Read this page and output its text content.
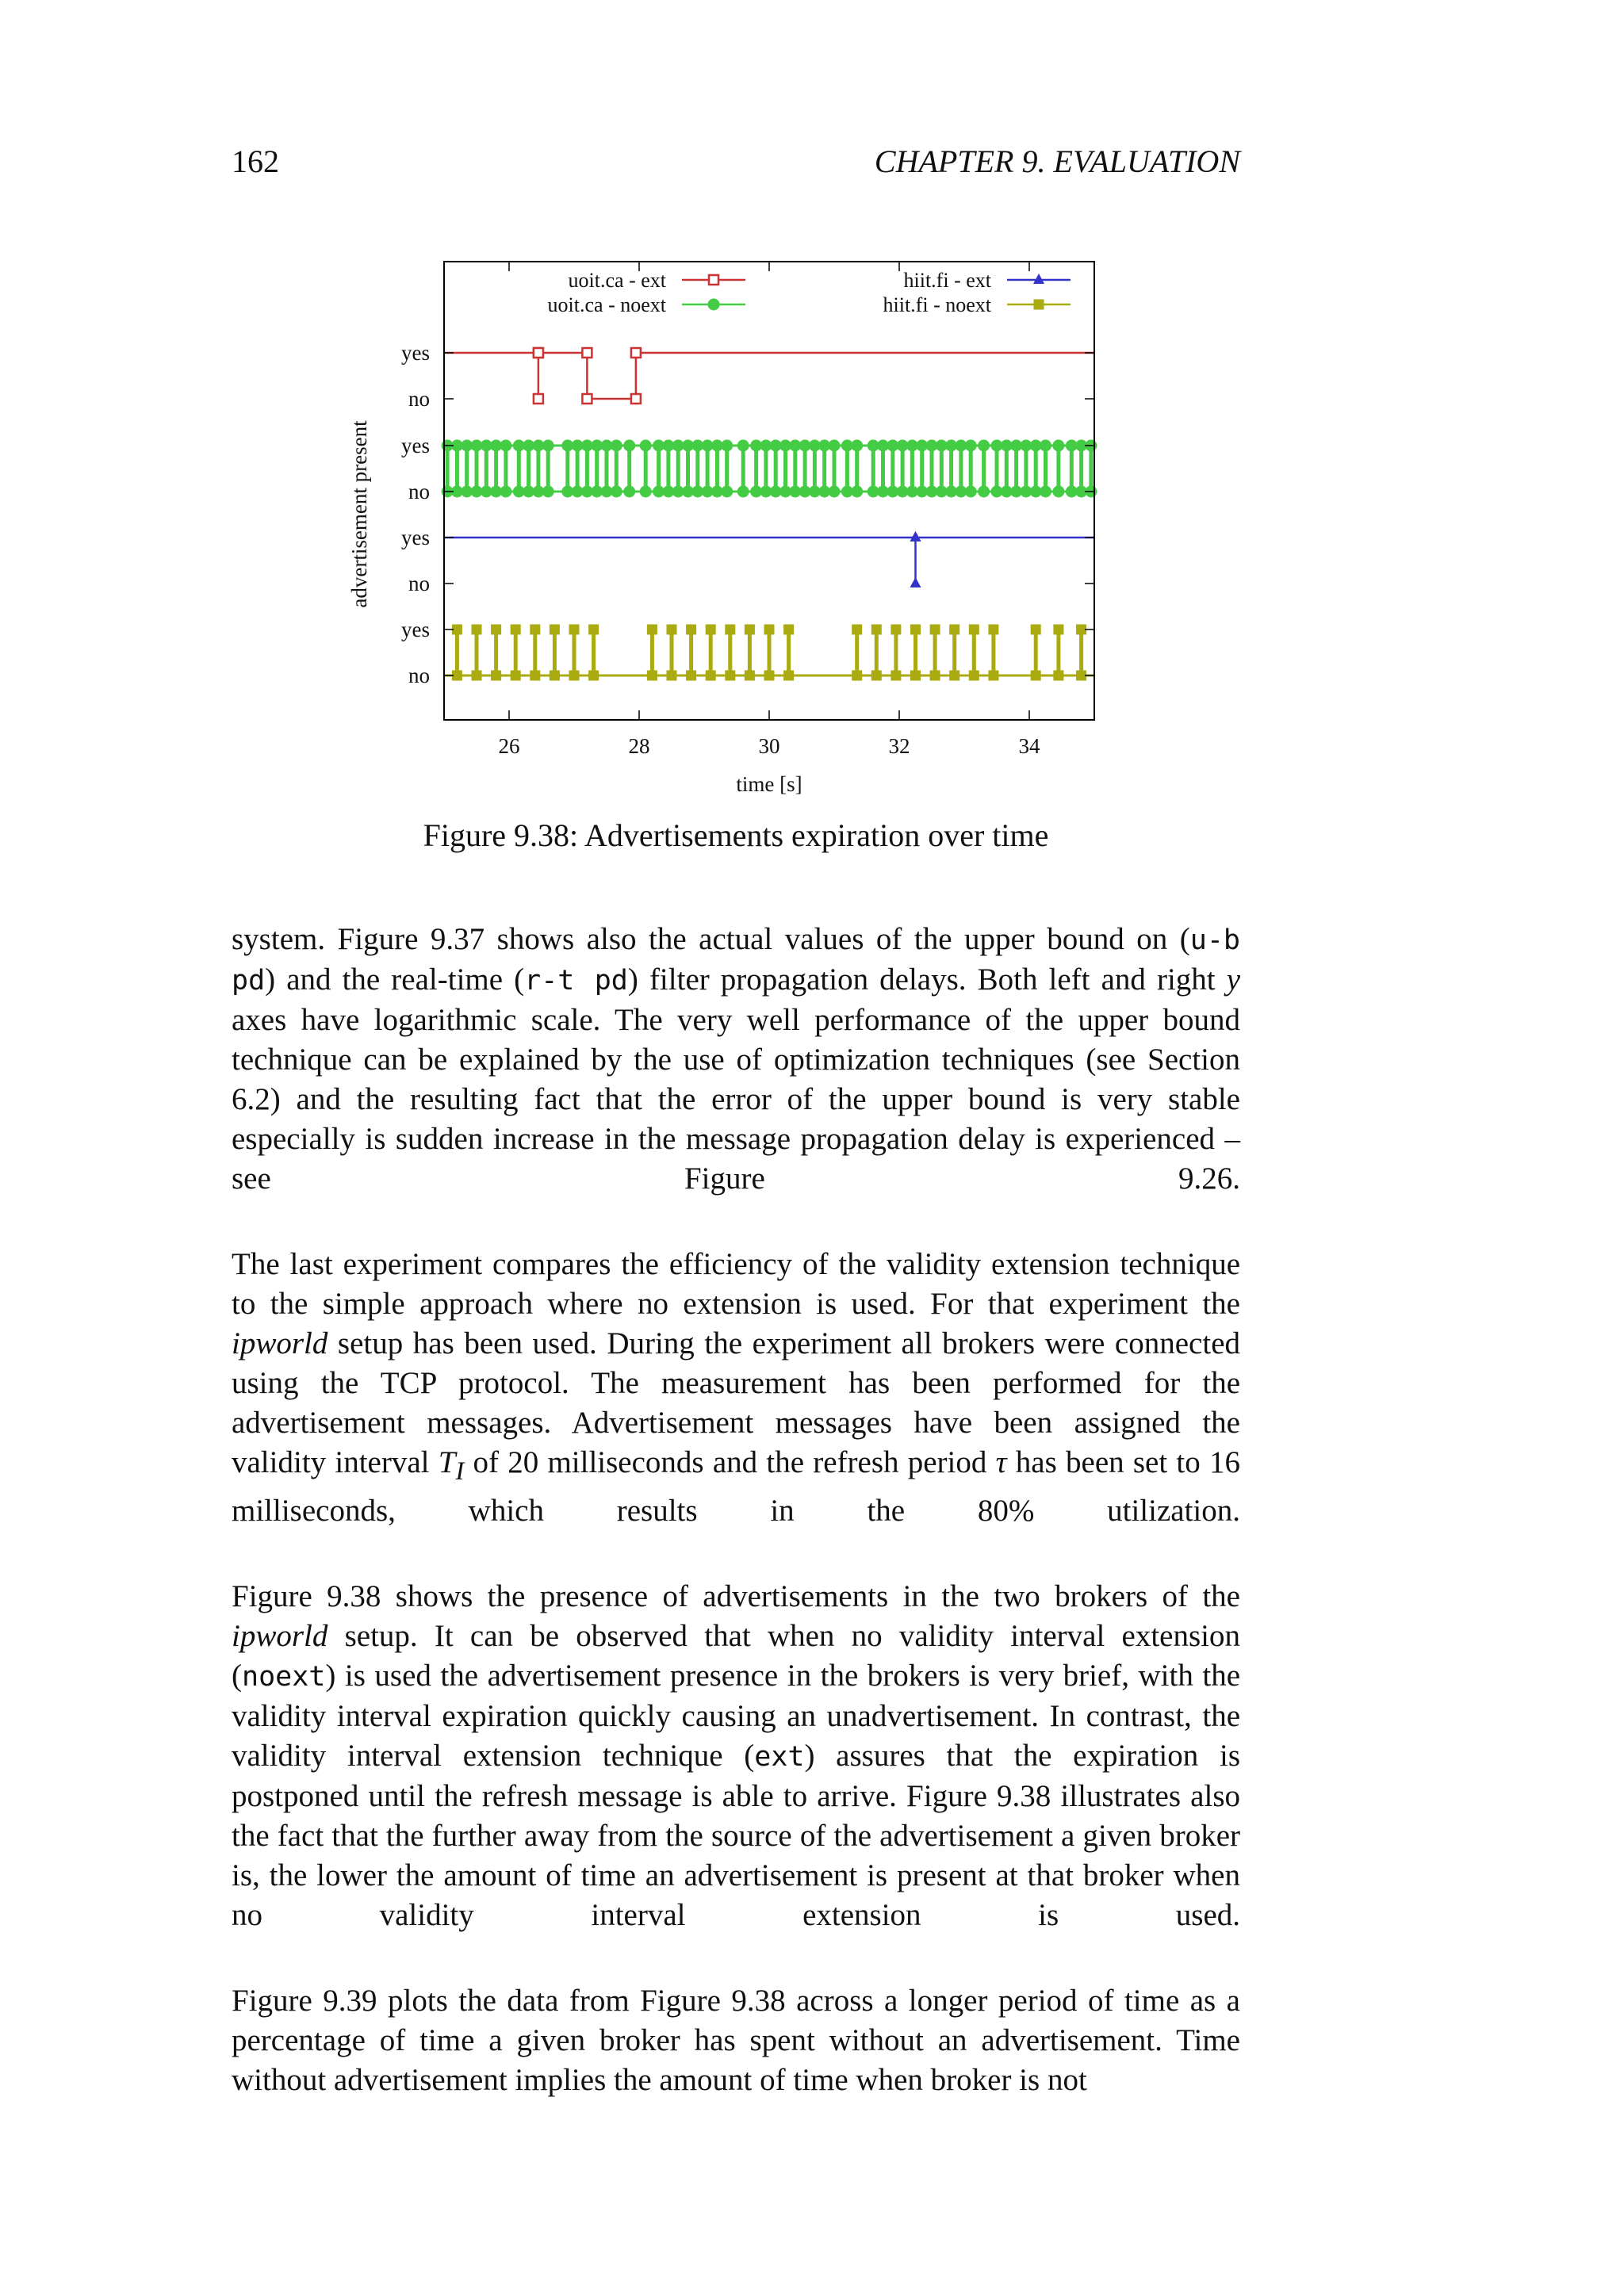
162	CHAPTER 9. EVALUATION
uoit.ca - ext
uoit.ca - noext
hiit.fi - ext
hiit.fi - noext
yes
no
yes
no
yes
no
yes
no
26	28	30	32	34
time [s]
advertisement present
Figure 9.38: Advertisements expiration over time

system. Figure 9.37 shows also the actual values of the upper bound on (u-b pd) and the real-time (r-t pd) filter propagation delays. Both left and right y axes have logarithmic scale. The very well performance of the upper bound technique can be explained by the use of optimization techniques (see Section 6.2) and the resulting fact that the error of the upper bound is very stable especially is sudden increase in the message propagation delay is experienced – see Figure 9.26.

The last experiment compares the efficiency of the validity extension technique to the simple approach where no extension is used. For that experiment the ipworld setup has been used. During the experiment all brokers were connected using the TCP protocol. The measurement has been performed for the advertisement messages. Advertisement messages have been assigned the validity interval $T_I$ of 20 milliseconds and the refresh period τ has been set to 16 milliseconds, which results in the 80% utilization.

Figure 9.38 shows the presence of advertisements in the two brokers of the ipworld setup. It can be observed that when no validity interval extension (noext) is used the advertisement presence in the brokers is very brief, with the validity interval expiration quickly causing an unadvertisement. In contrast, the validity interval extension technique (ext) assures that the expiration is postponed until the refresh message is able to arrive. Figure 9.38 illustrates also the fact that the further away from the source of the advertisement a given broker is, the lower the amount of time an advertisement is present at that broker when no validity interval extension is used.

Figure 9.39 plots the data from Figure 9.38 across a longer period of time as a percentage of time a given broker has spent without an advertisement. Time without advertisement implies the amount of time when broker is not
